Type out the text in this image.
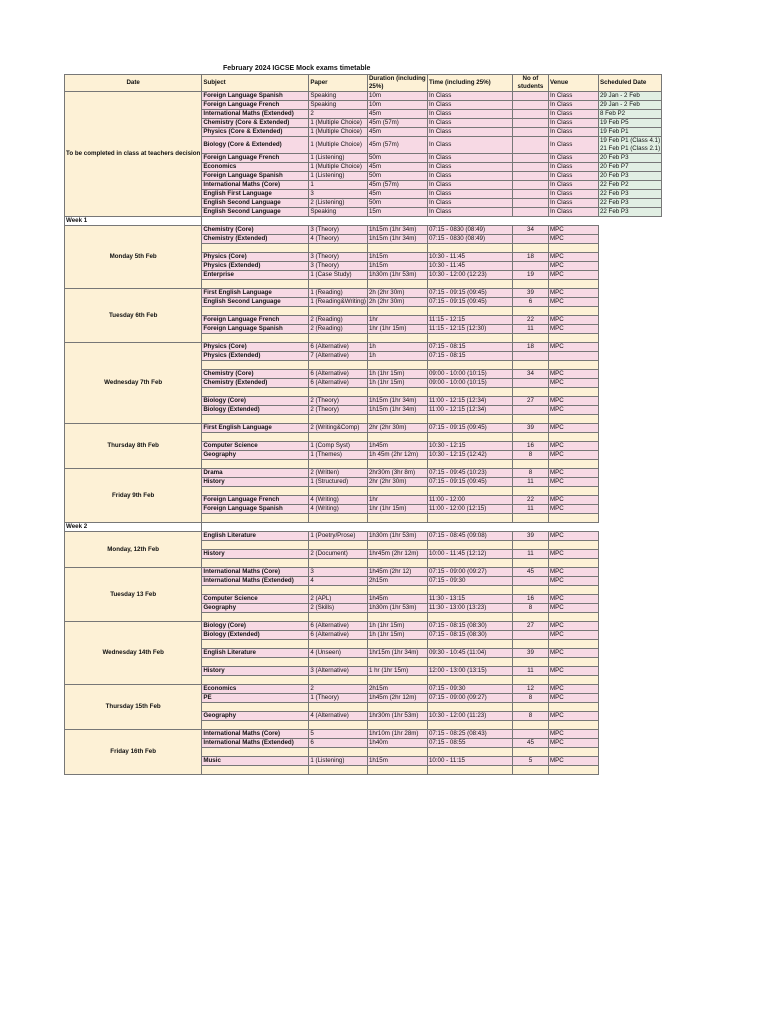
February 2024 IGCSE Mock exams timetable
Date	Subject	Paper	Duration (including 25%)	Time (including 25%)	No of students	Venue	Scheduled Date
To be completed in class at teachers decision	Foreign Language Spanish	Speaking	10m	In Class		In Class	29 Jan - 2 Feb
	Foreign Language French	Speaking	10m	In Class		In Class	29 Jan - 2 Feb
	International Maths (Extended)	2	45m	In Class		In Class	8 Feb P2
	Chemistry (Core & Extended)	1 (Multiple Choice)	45m (57m)	In Class		In Class	19 Feb P5
	Physics (Core & Extended)	1 (Multiple Choice)	45m	In Class		In Class	19 Feb P1
	Biology (Core & Extended)	1 (Multiple Choice)	45m (57m)	In Class		In Class	19 Feb P1 (Class 4.1)
21 Feb P1 (Class 2.1)
	Foreign Language French	1 (Listening)	50m	In Class		In Class	20 Feb P3
	Economics	1 (Multiple Choice)	45m	In Class		In Class	20 Feb P7
	Foreign Language Spanish	1 (Listening)	50m	In Class		In Class	20 Feb P3
	International Maths (Core)	1	45m (57m)	In Class		In Class	22 Feb P2
	English First Language	3	45m	In Class		In Class	22 Feb P3
	English Second Language	2 (Listening)	50m	In Class		In Class	22 Feb P3
	English Second Language	Speaking	15m	In Class		In Class	22 Feb P3
Week 1							
Monday 5th Feb	Chemistry (Core)	3 (Theory)	1h15m (1hr 34m)	07:15 - 0830 (08:49)	34	MPC	
	Chemistry (Extended)	4 (Theory)	1h15m (1hr 34m)	07:15 - 0830 (08:49)		MPC	

	Physics (Core)	3 (Theory)	1h15m	10:30 - 11:45	18	MPC	
	Physics (Extended)	3 (Theory)	1h15m	10:30 - 11:45		MPC	
	Enterprise	1 (Case Study)	1h30m (1hr 53m)	10:30 - 12:00 (12:23)	19	MPC	

Tuesday 6th Feb	First English Language	1 (Reading)	2h (2hr 30m)	07:15 - 09:15 (09:45)	39	MPC	
	English Second Language	1 (Reading&Writing)	2h (2hr 30m)	07:15 - 09:15 (09:45)	6	MPC	

	Foreign Language French	2 (Reading)	1hr	11:15 - 12:15	22	MPC	
	Foreign Language Spanish	2 (Reading)	1hr (1hr 15m)	11:15 - 12:15 (12:30)	11	MPC	

Wednesday 7th Feb	Physics (Core)	6 (Alternative)	1h	07:15 - 08:15	18	MPC	
	Physics (Extended)	7 (Alternative)	1h	07:15 - 08:15			

	Chemistry (Core)	6 (Alternative)	1h (1hr 15m)	09:00 - 10:00 (10:15)	34	MPC	
	Chemistry (Extended)	6 (Alternative)	1h (1hr 15m)	09:00 - 10:00 (10:15)		MPC	

	Biology (Core)	2 (Theory)	1h15m (1hr 34m)	11:00 - 12:15 (12:34)	27	MPC	
	Biology (Extended)	2 (Theory)	1h15m (1hr 34m)	11:00 - 12:15 (12:34)		MPC	

Thursday 8th Feb	First English Language	2 (Writing&Comp)	2hr (2hr 30m)	07:15 - 09:15 (09:45)	39	MPC	

	Computer Science	1 (Comp Syst)	1h45m	10:30 - 12:15	16	MPC	
	Geography	1 (Themes)	1h 45m (2hr 12m)	10:30 - 12:15 (12:42)	8	MPC	

Friday 9th Feb	Drama	2 (Written)	2hr30m (3hr 8m)	07:15 - 09:45 (10:23)	8	MPC	
	History	1 (Structured)	2hr (2hr 30m)	07:15 - 09:15 (09:45)	11	MPC	

	Foreign Language French	4 (Writing)	1hr	11:00 - 12:00	22	MPC	
	Foreign Language Spanish	4 (Writing)	1hr (1hr 15m)	11:00 - 12:00 (12:15)	11	MPC	

Week 2							
Monday, 12th Feb	English Literature	1 (Poetry/Prose)	1h30m (1hr 53m)	07:15 - 08:45 (09:08)	39	MPC	

	History	2 (Document)	1hr45m (2hr 12m)	10:00 - 11:45 (12:12)	11	MPC	

Tuesday 13 Feb	International Maths (Core)	3	1h45m (2hr 12)	07:15 - 09:00 (09:27)	45	MPC	
	International Maths (Extended)	4	2h15m	07:15 - 09:30		MPC	

	Computer Science	2 (APL)	1h45m	11:30 - 13:15	16	MPC	
	Geography	2 (Skills)	1h30m (1hr 53m)	11:30 - 13:00 (13:23)	8	MPC	

Wednesday 14th Feb	Biology (Core)	6 (Alternative)	1h (1hr 15m)	07:15 - 08:15 (08:30)	27	MPC	
	Biology (Extended)	6 (Alternative)	1h (1hr 15m)	07:15 - 08:15 (08:30)		MPC	

	English Literature	4 (Unseen)	1hr15m (1hr 34m)	09:30 - 10:45 (11:04)	39	MPC	

	History	3 (Alternative)	1 hr (1hr 15m)	12:00 - 13:00 (13:15)	11	MPC	

Thursday 15th Feb	Economics	2	2h15m	07:15 - 09:30	12	MPC	
	PE	1 (Theory)	1h45m (2hr 12m)	07:15 - 09:00 (09:27)	8	MPC	

	Geography	4 (Alternative)	1hr30m (1hr 53m)	10:30 - 12:00 (11:23)	8	MPC	

Friday 16th Feb	International Maths (Core)	5	1hr10m (1hr 28m)	07:15 - 08:25 (08:43)		MPC	
	International Maths (Extended)	6	1h40m	07:15 - 08:55	45	MPC	

	Music	1 (Listening)	1h15m	10:00 - 11:15	5	MPC	
